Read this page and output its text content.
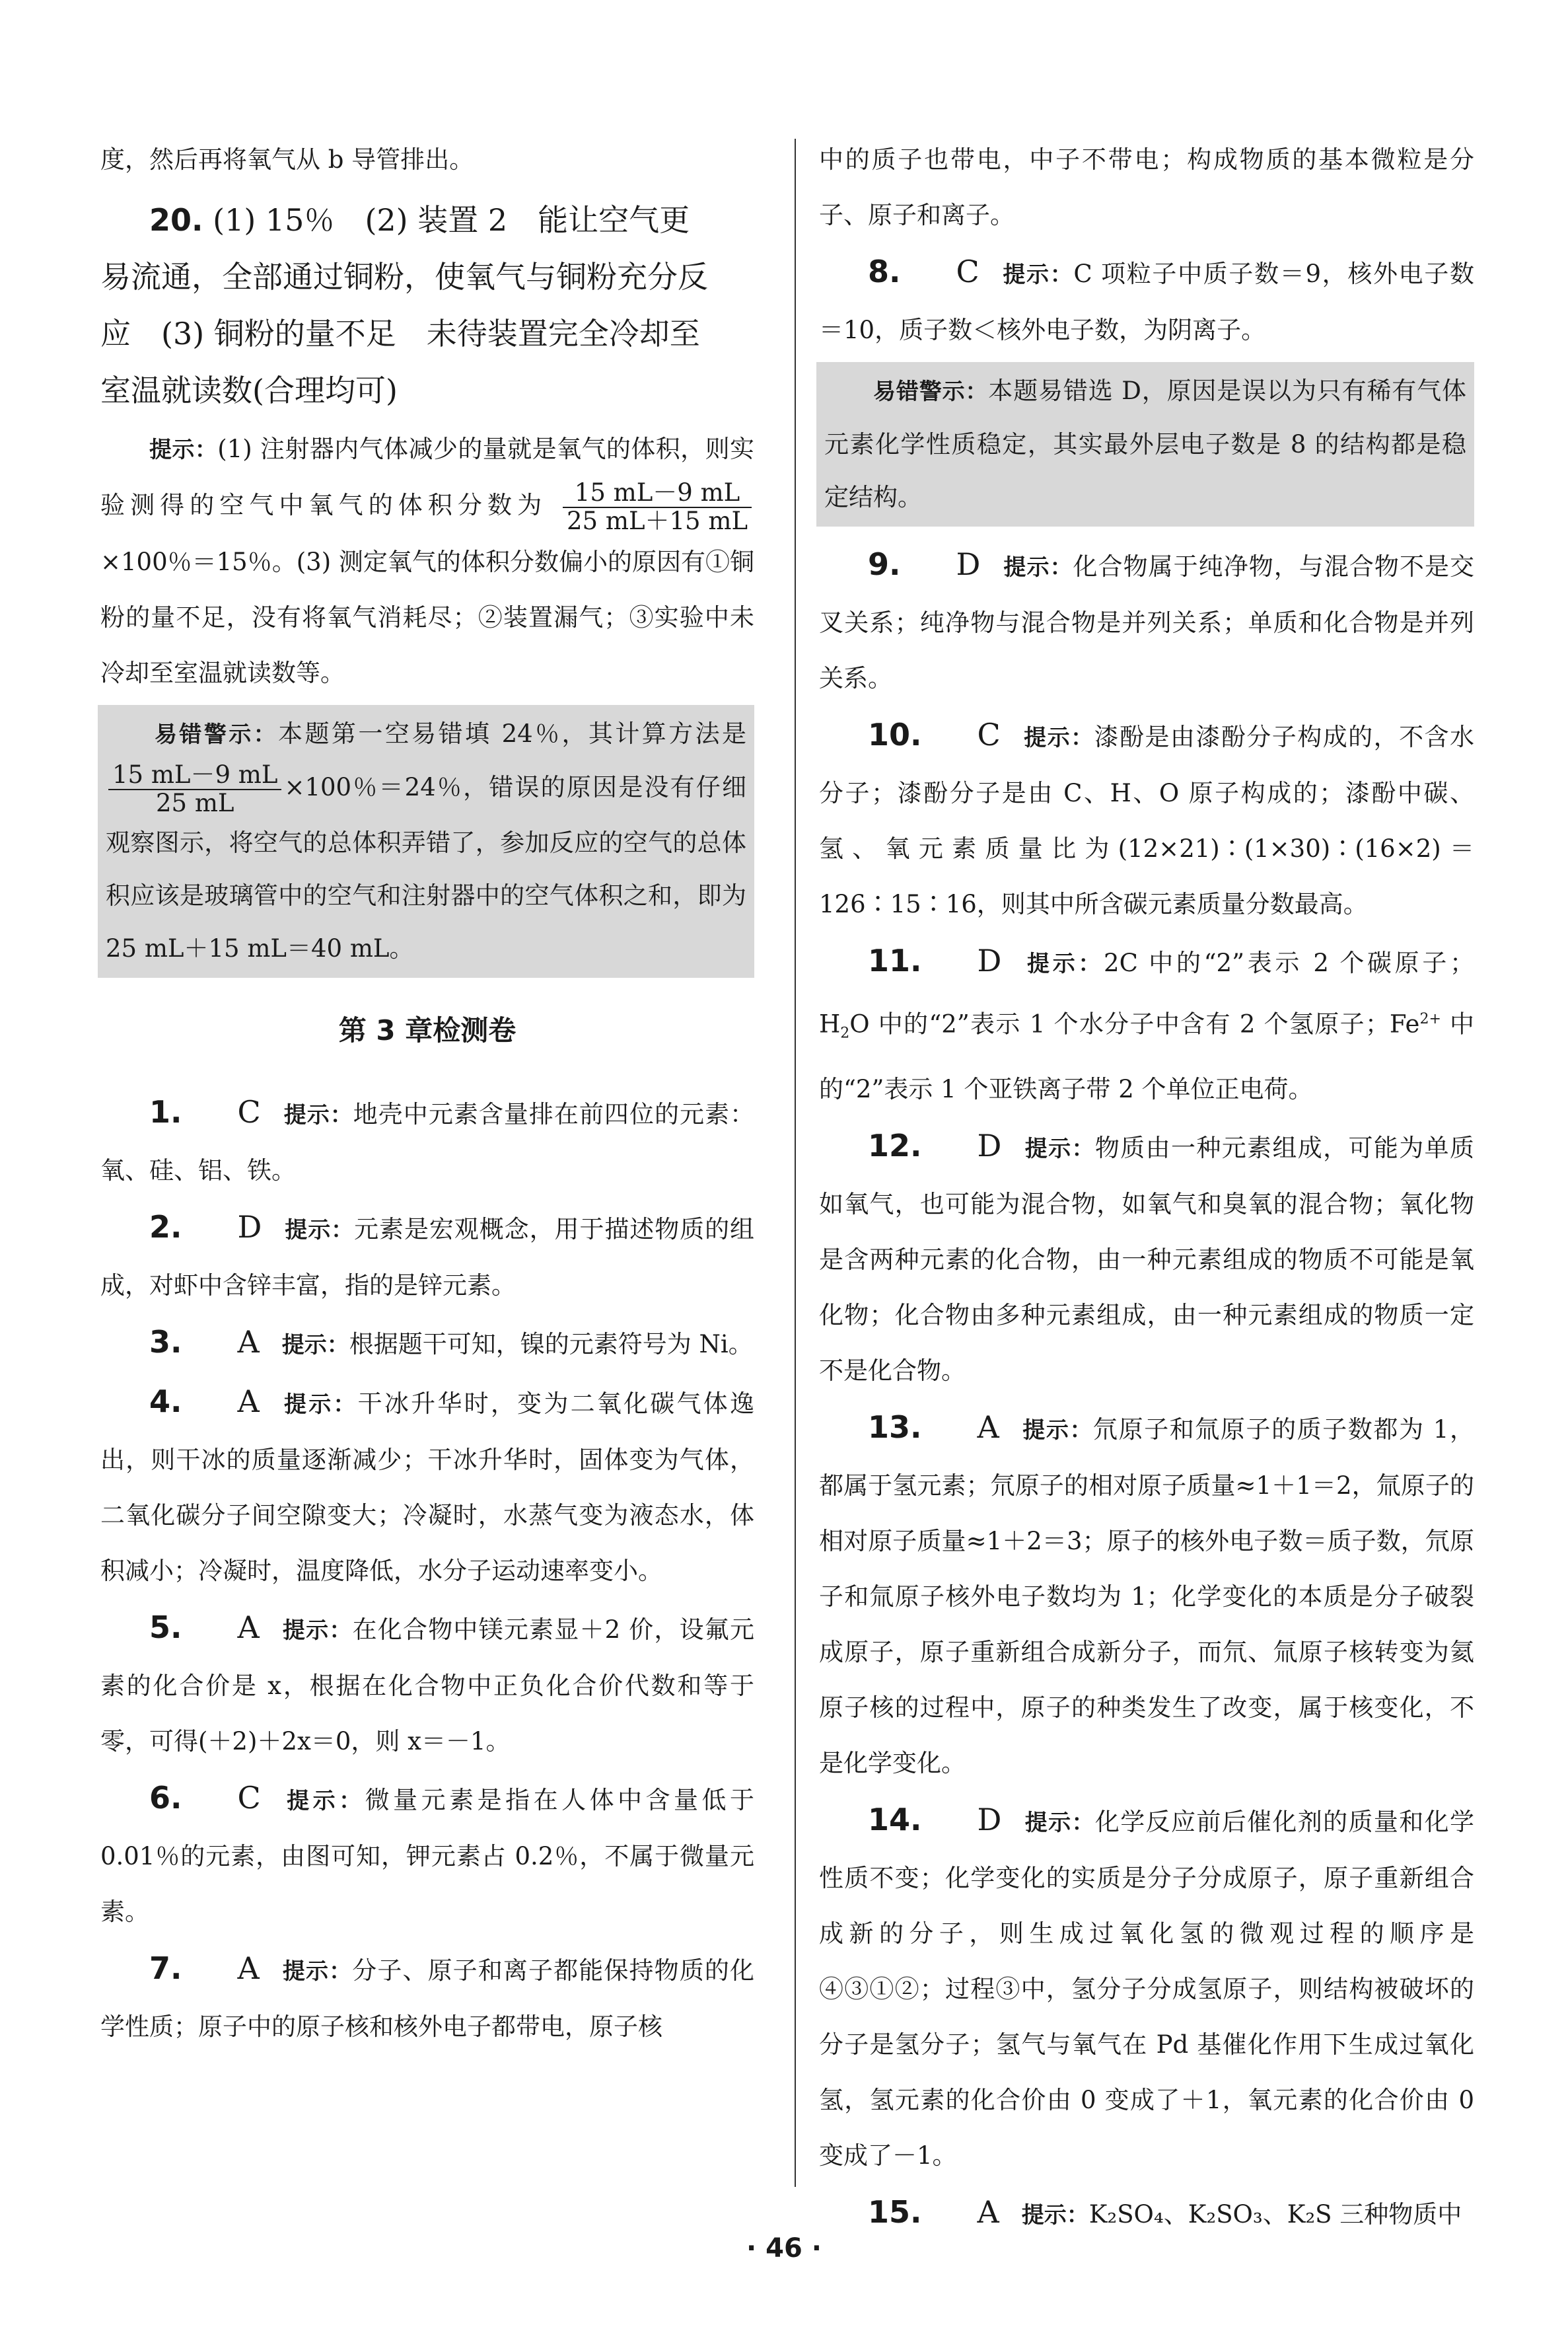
度，然后再将氧气从 b 导管排出。

20. (1) 15％　(2) 装置 2　能让空气更

易流通，全部通过铜粉，使氧气与铜粉充分反

应　(3) 铜粉的量不足　未待装置完全冷却至

室温就读数(合理均可)

提示：(1) 注射器内气体减少的量就是氧气的体积，则实验测得的空气中氧气的体积分数为 $\frac{15 mL-9 mL}{25 mL+15 mL}$
×100％＝15％。(3) 测定氧气的体积分数偏小的原因有①铜粉的量不足，没有将氧气消耗尽；②装置漏气；③实验中未冷却至室温就读数等。

易错警示：本题第一空易错填 24％，其计算方法是
$\frac{15 mL-9 mL}{25 mL} \times 100$％＝24％，错误的原因是没有仔细观察图示，将空气的总体积弄错了，参加反应的空气的总体积应该是玻璃管中的空气和注射器中的空气体积之和，即为 25 mL＋15 mL＝40 mL。

第 3 章检测卷

1. C 提示：地壳中元素含量排在前四位的元素：氧、硅、铝、铁。

2. D 提示：元素是宏观概念，用于描述物质的组成，对虾中含锌丰富，指的是锌元素。

3. A 提示：根据题干可知，镍的元素符号为 Ni。

4. A 提示：干冰升华时，变为二氧化碳气体逸出，则干冰的质量逐渐减少；干冰升华时，固体变为气体，二氧化碳分子间空隙变大；冷凝时，水蒸气变为液态水，体积减小；冷凝时，温度降低，水分子运动速率变小。

5. A 提示：在化合物中镁元素显＋2 价，设氟元素的化合价是 x，根据在化合物中正负化合价代数和等于零，可得(＋2)＋2x＝0，则 x＝－1。

6. C 提示：微量元素是指在人体中含量低于 0.01％的元素，由图可知，钾元素占 0.2％，不属于微量元素。

7. A 提示：分子、原子和离子都能保持物质的化学性质；原子中的原子核和核外电子都带电，原子核

中的质子也带电，中子不带电；构成物质的基本微粒是分子、原子和离子。

8. C 提示：C 项粒子中质子数＝9，核外电子数＝10，质子数＜核外电子数，为阴离子。

易错警示：本题易错选 D，原因是误以为只有稀有气体元素化学性质稳定，其实最外层电子数是 8 的结构都是稳定结构。

9. D 提示：化合物属于纯净物，与混合物不是交叉关系；纯净物与混合物是并列关系；单质和化合物是并列关系。

10. C 提示：漆酚是由漆酚分子构成的，不含水分子；漆酚分子是由 C、H、O 原子构成的；漆酚中碳、氢、氧元素质量比为(12×21)∶(1×30)∶(16×2)＝126∶15∶16，则其中所含碳元素质量分数最高。

11. D 提示：2C 中的“2”表示 2 个碳原子；$H_2O$ 中的“2”表示 1 个水分子中含有 2 个氢原子；$Fe^{2+}$ 中的“2”表示 1 个亚铁离子带 2 个单位正电荷。

12. D 提示：物质由一种元素组成，可能为单质如氧气，也可能为混合物，如氧气和臭氧的混合物；氧化物是含两种元素的化合物，由一种元素组成的物质不可能是氧化物；化合物由多种元素组成，由一种元素组成的物质一定不是化合物。

13. A 提示：氘原子和氚原子的质子数都为 1，都属于氢元素；氘原子的相对原子质量≈1＋1＝2，氚原子的相对原子质量≈1＋2＝3；原子的核外电子数＝质子数，氘原子和氚原子核外电子数均为 1；化学变化的本质是分子破裂成原子，原子重新组合成新分子，而氘、氚原子核转变为氦原子核的过程中，原子的种类发生了改变，属于核变化，不是化学变化。

14. D 提示：化学反应前后催化剂的质量和化学性质不变；化学变化的实质是分子分成原子，原子重新组合成新的分子，则生成过氧化氢的微观过程的顺序是④③①②；过程③中，氢分子分成氢原子，则结构被破坏的分子是氢分子；氢气与氧气在 Pd 基催化作用下生成过氧化氢，氢元素的化合价由 0 变成了＋1，氧元素的化合价由 0 变成了－1。

15. A 提示：K₂SO₄、K₂SO₃、K₂S 三种物质中

· 46 ·
